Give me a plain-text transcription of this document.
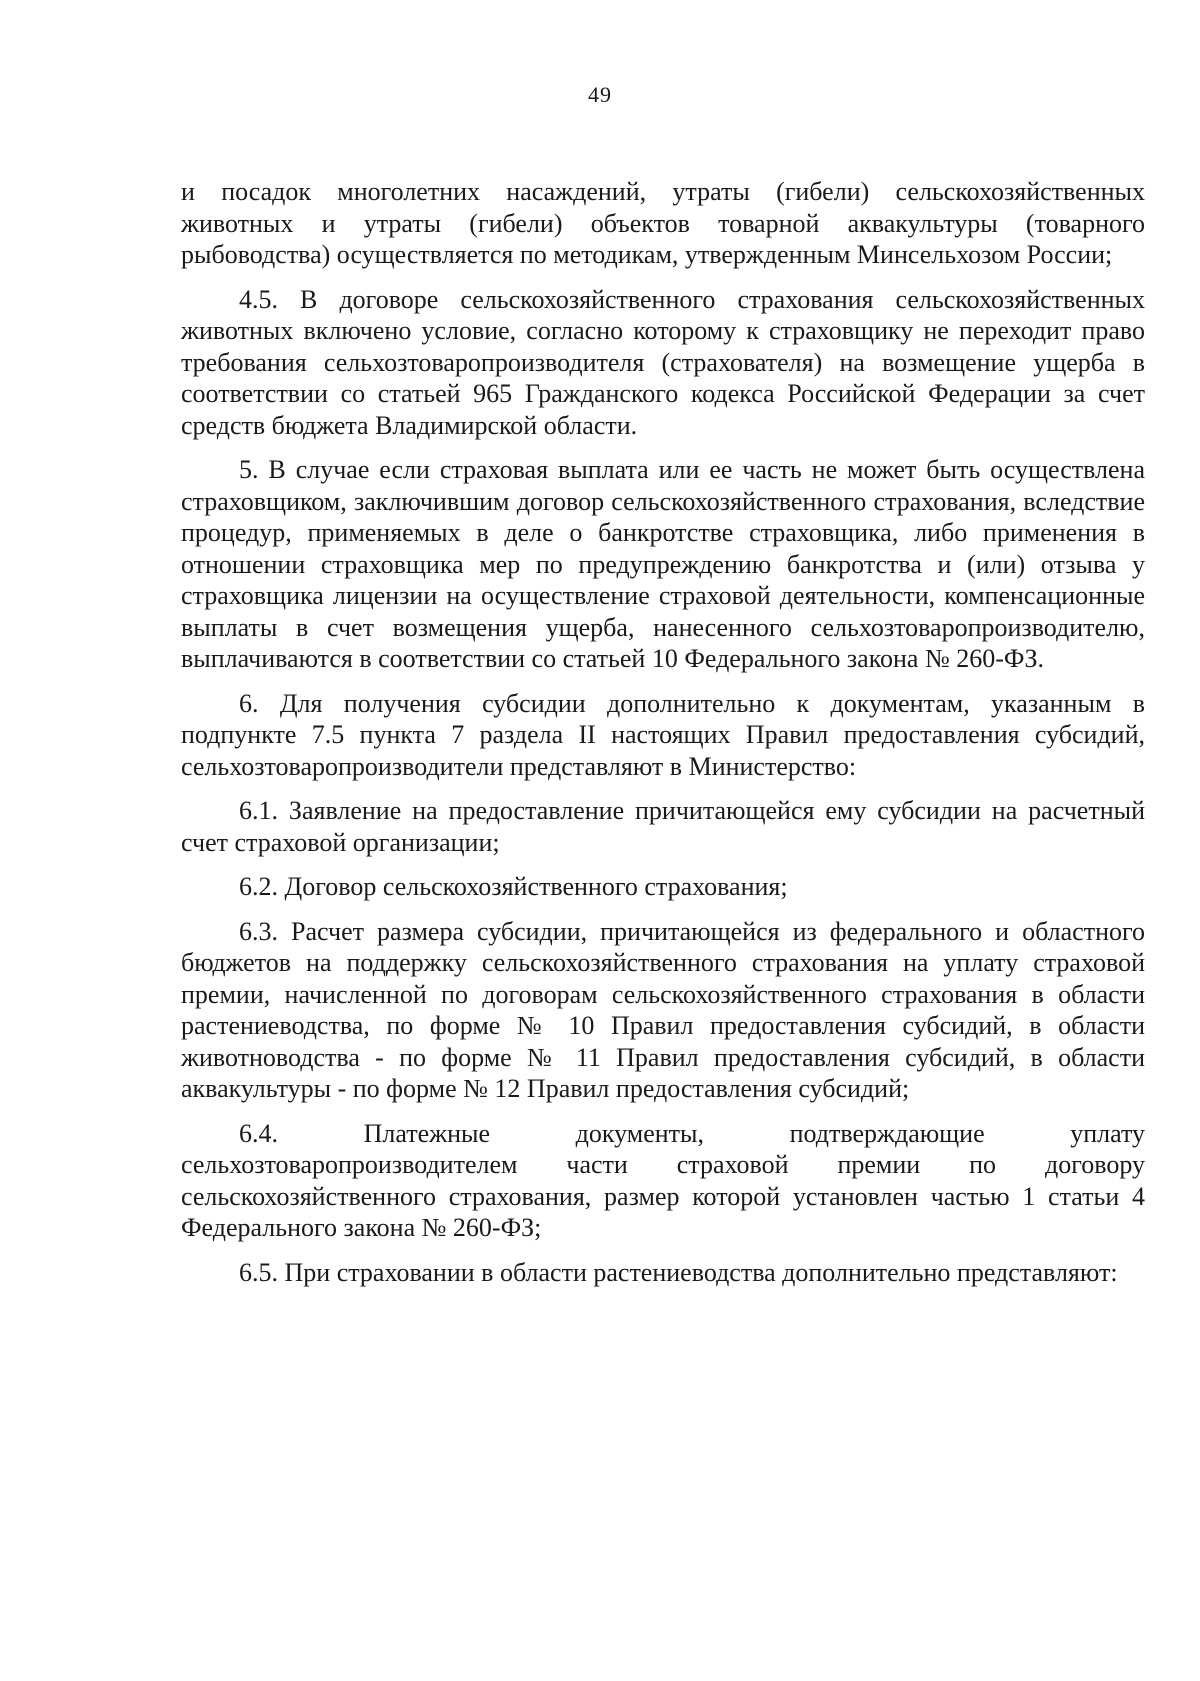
49

и посадок многолетних насаждений, утраты (гибели) сельскохозяйственных животных и утраты (гибели) объектов товарной аквакультуры (товарного рыбоводства) осуществляется по методикам, утвержденным Минсельхозом России;

4.5. В договоре сельскохозяйственного страхования сельскохозяйственных животных включено условие, согласно которому к страховщику не переходит право требования сельхозтоваропроизводителя (страхователя) на возмещение ущерба в соответствии со статьей 965 Гражданского кодекса Российской Федерации за счет средств бюджета Владимирской области.

5. В случае если страховая выплата или ее часть не может быть осуществлена страховщиком, заключившим договор сельскохозяйственного страхования, вследствие процедур, применяемых в деле о банкротстве страховщика, либо применения в отношении страховщика мер по предупреждению банкротства и (или) отзыва у страховщика лицензии на осуществление страховой деятельности, компенсационные выплаты в счет возмещения ущерба, нанесенного сельхозтоваропроизводителю, выплачиваются в соответствии со статьей 10 Федерального закона № 260-ФЗ.

6. Для получения субсидии дополнительно к документам, указанным в подпункте 7.5 пункта 7 раздела II настоящих Правил предоставления субсидий, сельхозтоваропроизводители представляют в Министерство:

6.1. Заявление на предоставление причитающейся ему субсидии на расчетный счет страховой организации;

6.2. Договор сельскохозяйственного страхования;

6.3. Расчет размера субсидии, причитающейся из федерального и областного бюджетов на поддержку сельскохозяйственного страхования на уплату страховой премии, начисленной по договорам сельскохозяйственного страхования в области растениеводства, по форме № 10 Правил предоставления субсидий, в области животноводства - по форме № 11 Правил предоставления субсидий, в области аквакультуры - по форме № 12 Правил предоставления субсидий;

6.4. Платежные документы, подтверждающие уплату сельхозтоваропроизводителем части страховой премии по договору сельскохозяйственного страхования, размер которой установлен частью 1 статьи 4 Федерального закона № 260-ФЗ;

6.5. При страховании в области растениеводства дополнительно представляют:
